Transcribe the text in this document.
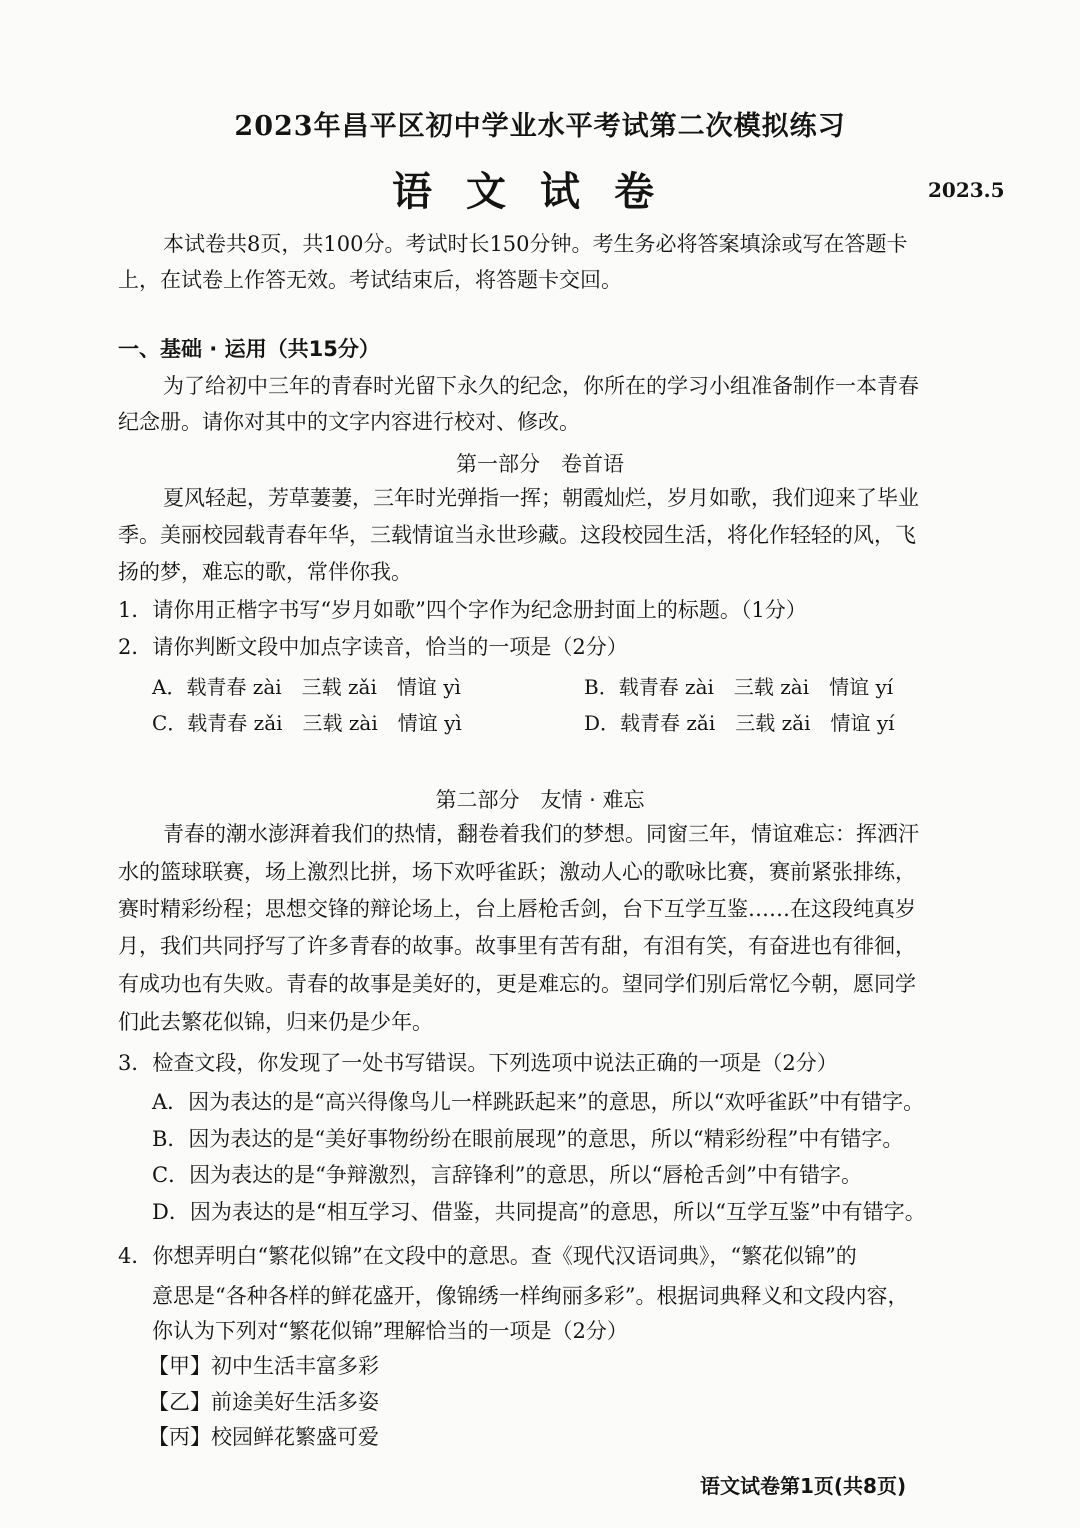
2023年昌平区初中学业水平考试第二次模拟练习
语文试卷	2023.5
本试卷共8页，共100分。考试时长150分钟。考生务必将答案填涂或写在答题卡
上，在试卷上作答无效。考试结束后，将答题卡交回。
一、基础 · 运用（共15分）
为了给初中三年的青春时光留下永久的纪念，你所在的学习小组准备制作一本青春
纪念册。请你对其中的文字内容进行校对、修改。
第一部分　卷首语
夏风轻起，芳草萋萋，三年时光弹指一挥；朝霞灿烂，岁月如歌，我们迎来了毕业
季。美丽校园载青春年华，三载情谊当永世珍藏。这段校园生活，将化作轻轻的风，飞
扬的梦，难忘的歌，常伴你我。
1．请你用正楷字书写“岁月如歌”四个字作为纪念册封面上的标题。（1分）
2．请你判断文段中加点字读音，恰当的一项是（2分）
A．载青春 zài　三载 zǎi　情谊 yì	B．载青春 zài　三载 zài　情谊 yí
C．载青春 zǎi　三载 zài　情谊 yì	D．载青春 zǎi　三载 zǎi　情谊 yí
第二部分　友情 · 难忘
青春的潮水澎湃着我们的热情，翻卷着我们的梦想。同窗三年，情谊难忘：挥洒汗
水的篮球联赛，场上激烈比拼，场下欢呼雀跃；激动人心的歌咏比赛，赛前紧张排练，
赛时精彩纷程；思想交锋的辩论场上，台上唇枪舌剑，台下互学互鉴……在这段纯真岁
月，我们共同抒写了许多青春的故事。故事里有苦有甜，有泪有笑，有奋进也有徘徊，
有成功也有失败。青春的故事是美好的，更是难忘的。望同学们别后常忆今朝，愿同学
们此去繁花似锦，归来仍是少年。
3．检查文段，你发现了一处书写错误。下列选项中说法正确的一项是（2分）
A．因为表达的是“高兴得像鸟儿一样跳跃起来”的意思，所以“欢呼雀跃”中有错字。
B．因为表达的是“美好事物纷纷在眼前展现”的意思，所以“精彩纷程”中有错字。
C．因为表达的是“争辩激烈，言辞锋利”的意思，所以“唇枪舌剑”中有错字。
D．因为表达的是“相互学习、借鉴，共同提高”的意思，所以“互学互鉴”中有错字。
4．你想弄明白“繁花似锦”在文段中的意思。查《现代汉语词典》，“繁花似锦”的
意思是“各种各样的鲜花盛开，像锦绣一样绚丽多彩”。根据词典释义和文段内容，
你认为下列对“繁花似锦”理解恰当的一项是（2分）
【甲】初中生活丰富多彩
【乙】前途美好生活多姿
【丙】校园鲜花繁盛可爱
语文试卷第1页(共8页)
